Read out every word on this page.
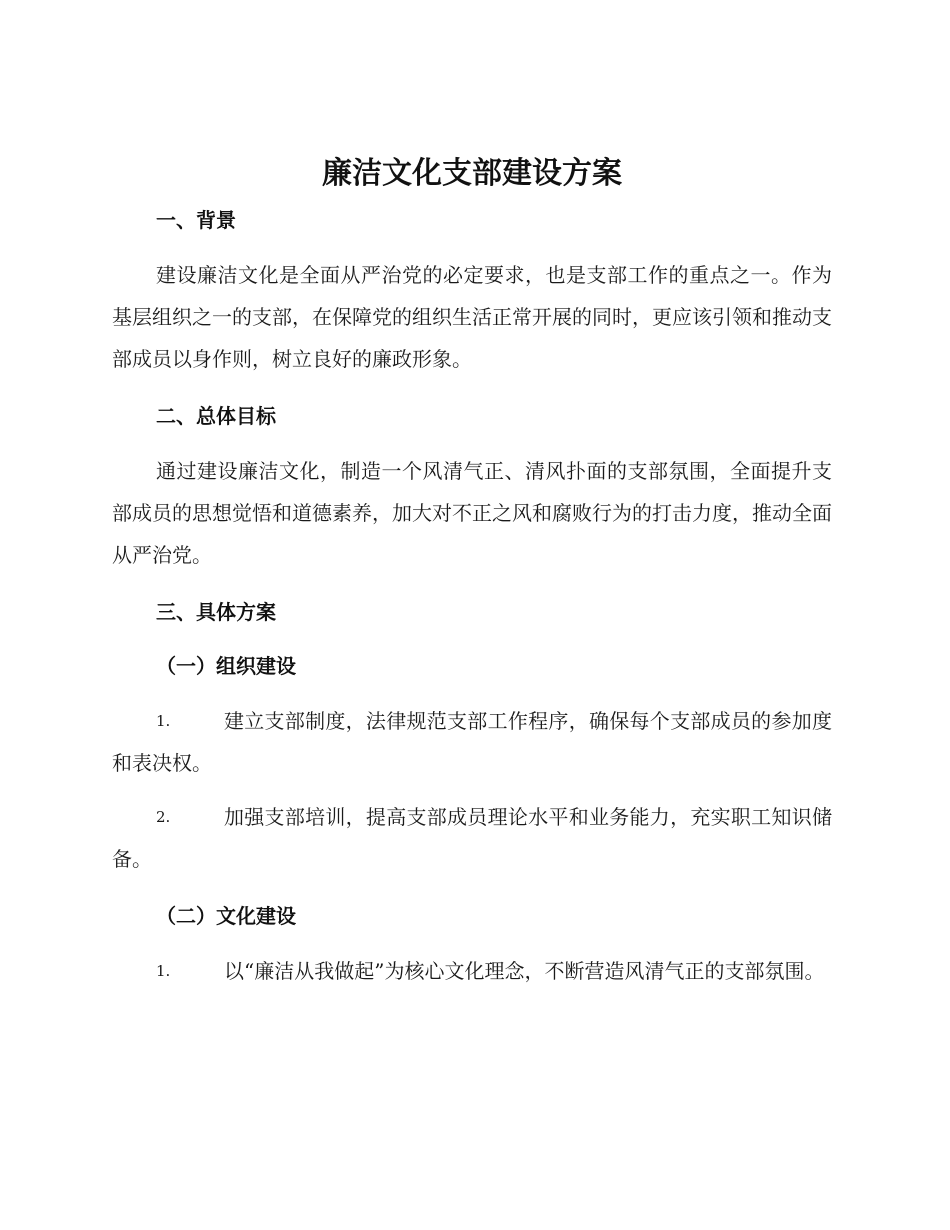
廉洁文化支部建设方案
一、背景

建设廉洁文化是全面从严治党的必定要求，也是支部工作的重点之一。作为基层组织之一的支部，在保障党的组织生活正常开展的同时，更应该引领和推动支部成员以身作则，树立良好的廉政形象。

二、总体目标

通过建设廉洁文化，制造一个风清气正、清风扑面的支部氛围，全面提升支部成员的思想觉悟和道德素养，加大对不正之风和腐败行为的打击力度，推动全面从严治党。

三、具体方案
（一）组织建设

1.	建立支部制度，法律规范支部工作程序，确保每个支部成员的参加度和表决权。

2.	加强支部培训，提高支部成员理论水平和业务能力，充实职工知识储备。

（二）文化建设

1.	以“廉洁从我做起”为核心文化理念，不断营造风清气正的支部氛围。
